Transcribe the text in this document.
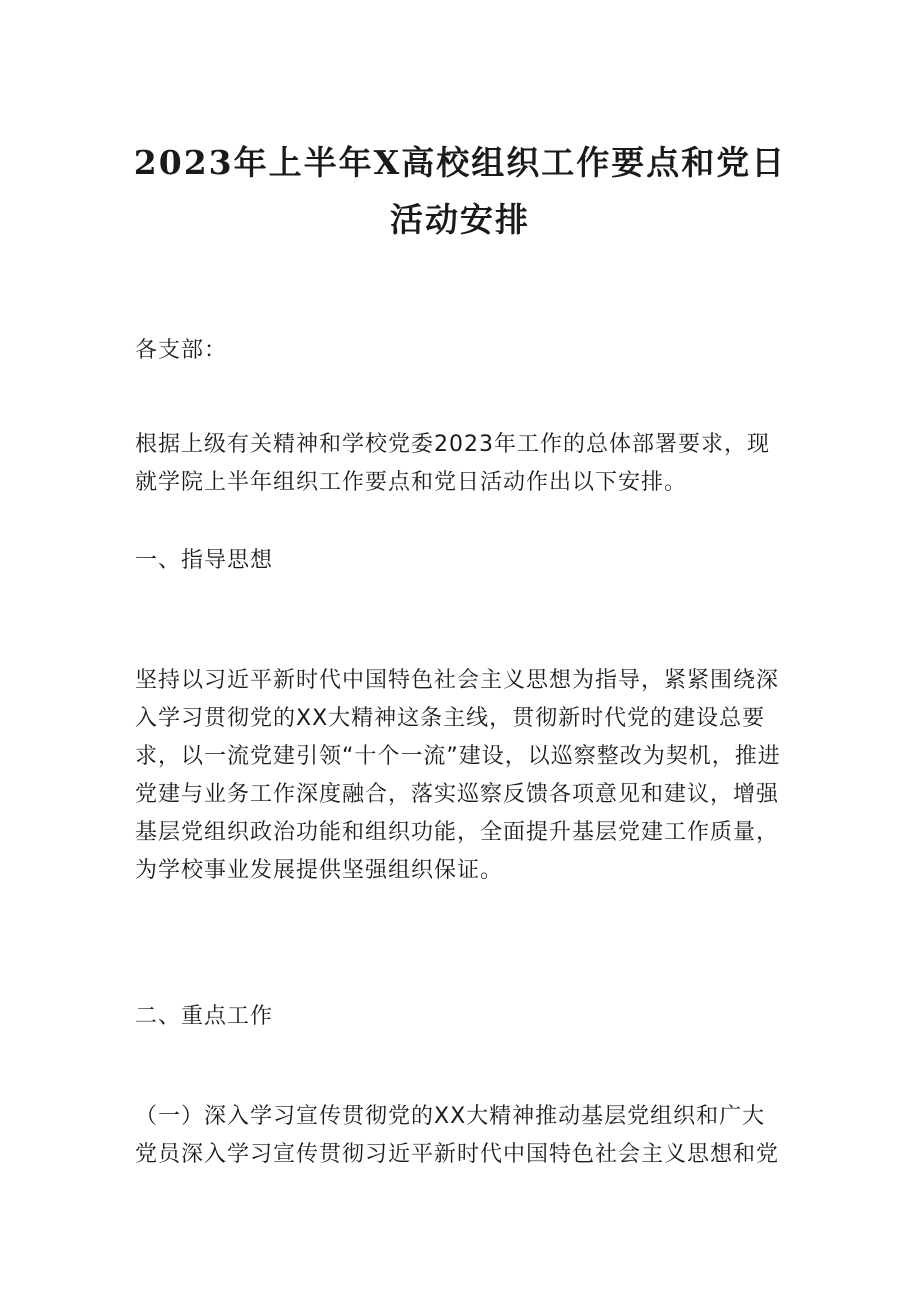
2023年上半年X高校组织工作要点和党日
活动安排

各支部：

根据上级有关精神和学校党委2023年工作的总体部署要求，现就学院上半年组织工作要点和党日活动作出以下安排。

一、指导思想

坚持以习近平新时代中国特色社会主义思想为指导，紧紧围绕深入学习贯彻党的XX大精神这条主线，贯彻新时代党的建设总要求，以一流党建引领“十个一流”建设，以巡察整改为契机，推进党建与业务工作深度融合，落实巡察反馈各项意见和建议，增强基层党组织政治功能和组织功能，全面提升基层党建工作质量，为学校事业发展提供坚强组织保证。

二、重点工作

（一）深入学习宣传贯彻党的XX大精神推动基层党组织和广大党员深入学习宣传贯彻习近平新时代中国特色社会主义思想和党
